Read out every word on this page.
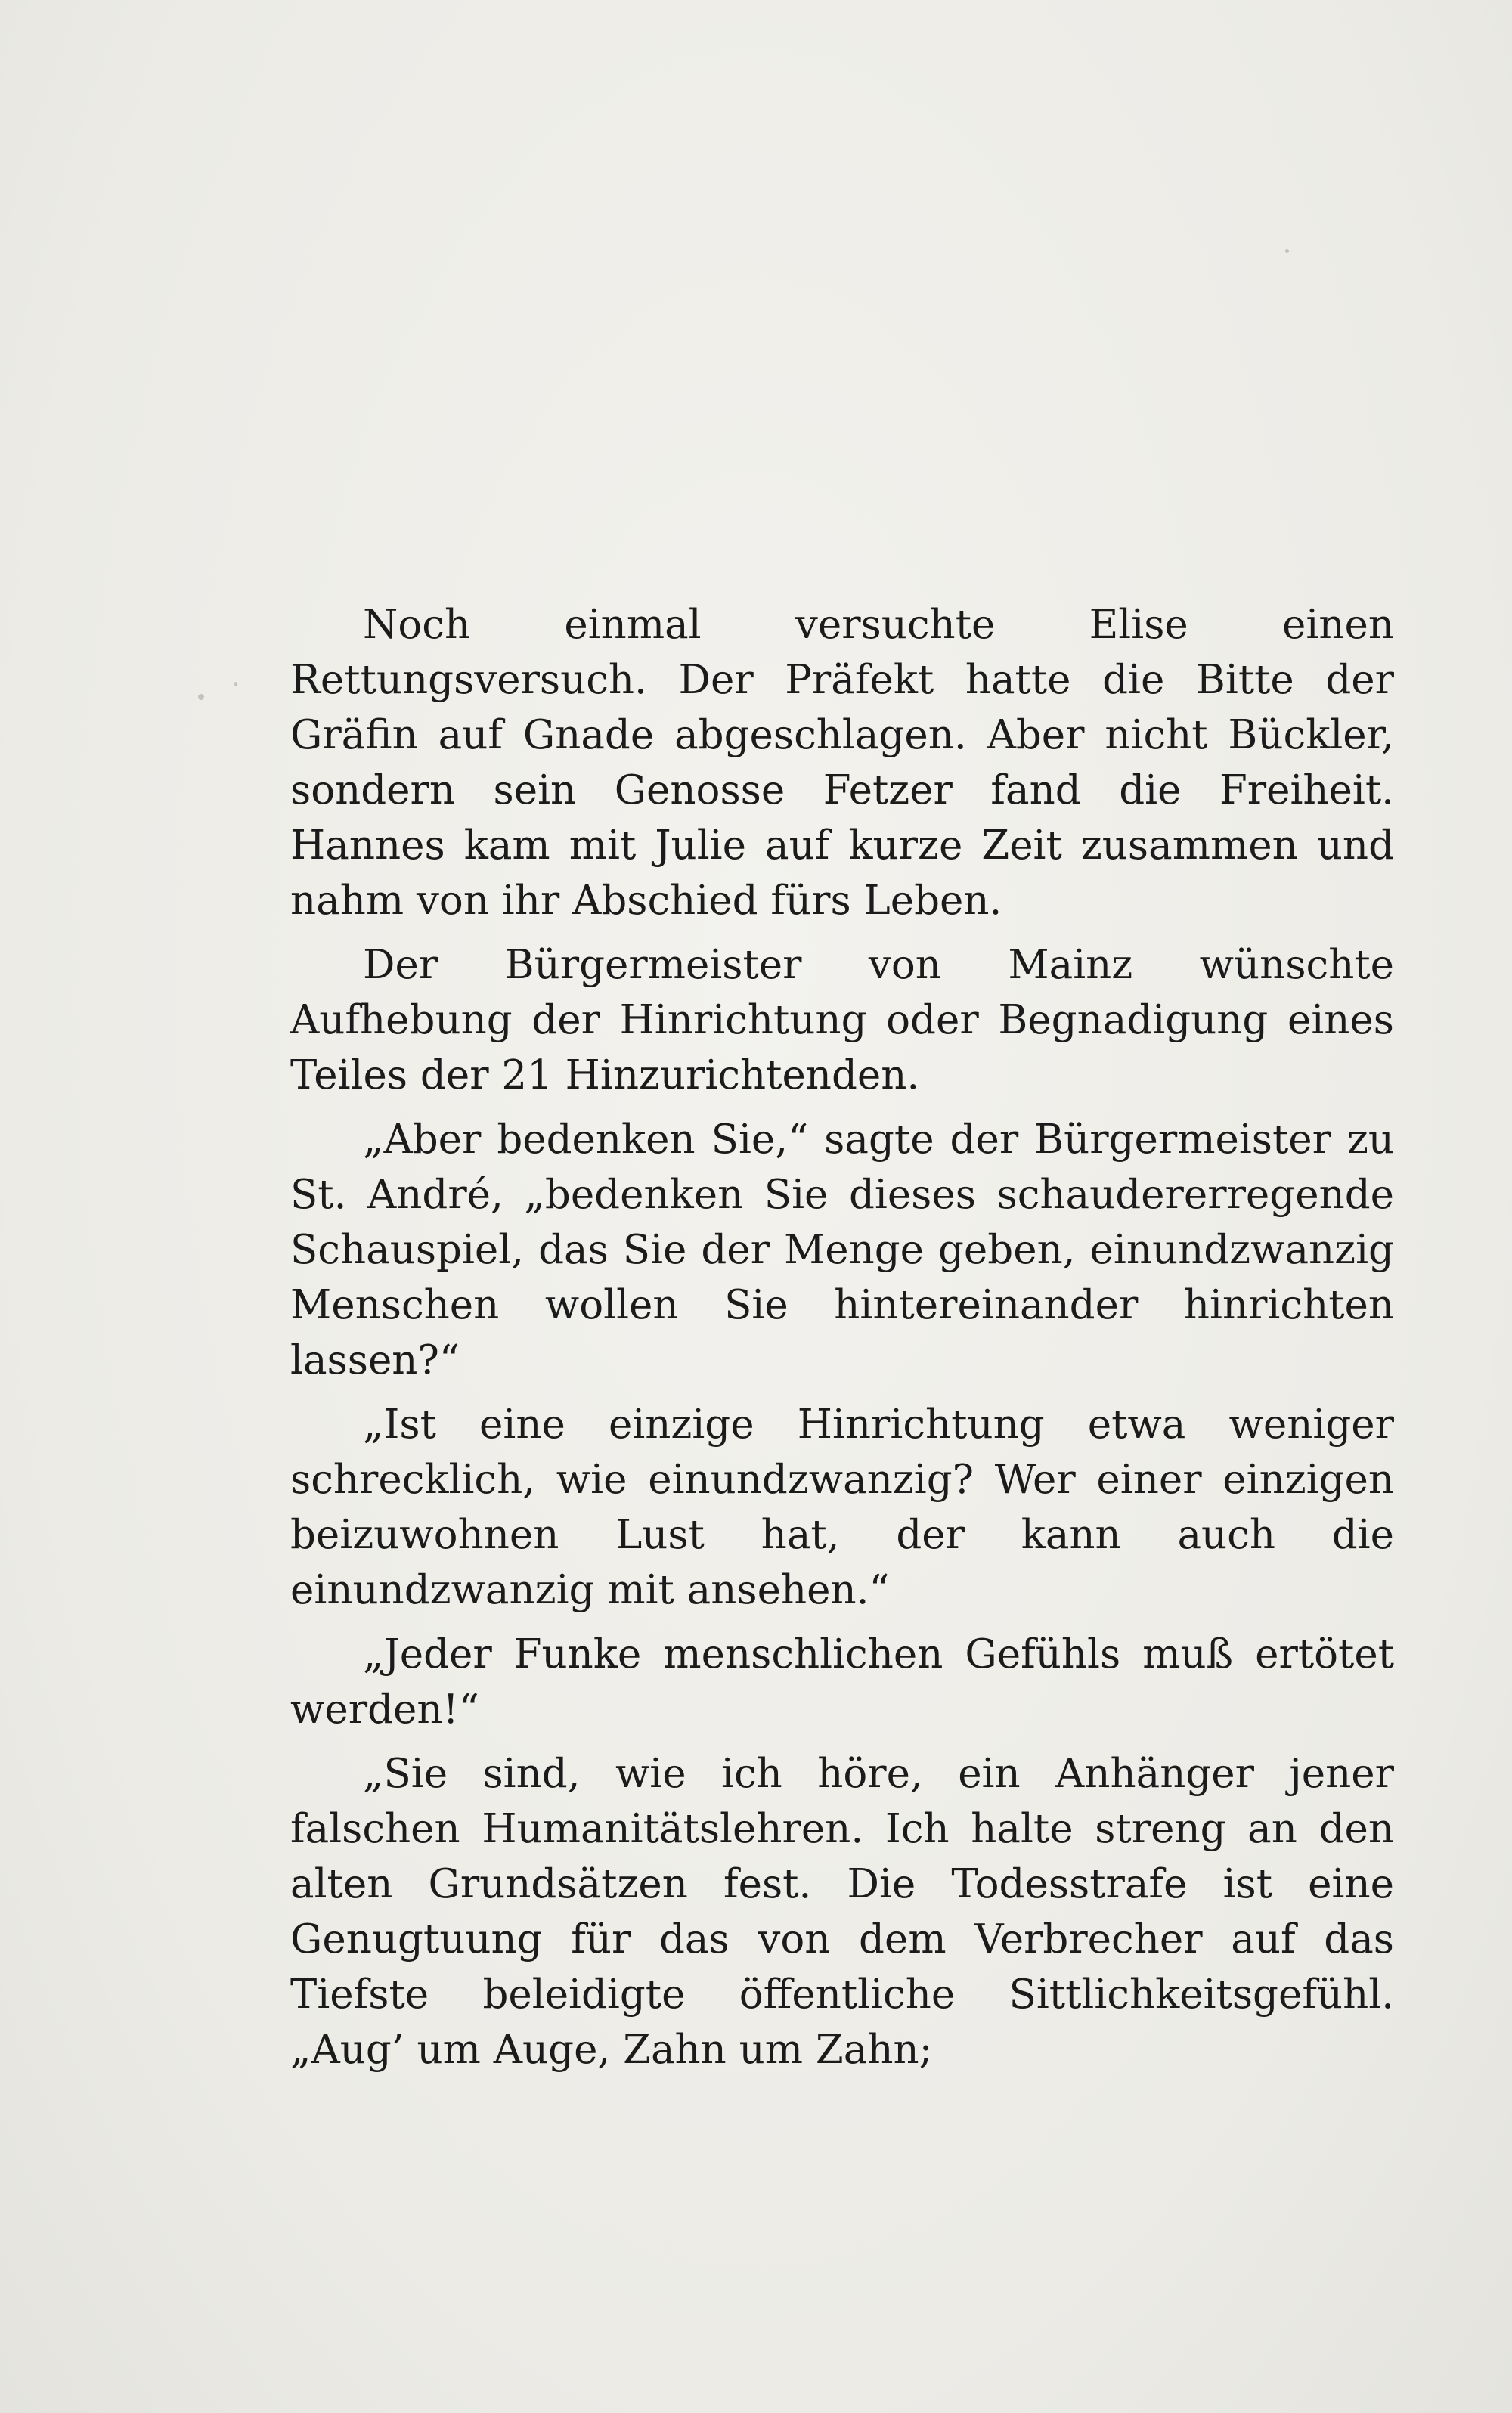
Noch einmal versuchte Elise einen Rettungsversuch. Der Präfekt hatte die Bitte der Gräfin auf Gnade abgeschlagen. Aber nicht Bückler, sondern sein Genosse Fetzer fand die Freiheit. Hannes kam mit Julie auf kurze Zeit zusammen und nahm von ihr Abschied fürs Leben.

Der Bürgermeister von Mainz wünschte Aufhebung der Hinrichtung oder Begnadigung eines Teiles der 21 Hinzurichtenden.

„Aber bedenken Sie,“ sagte der Bürgermeister zu St. André, „bedenken Sie dieses schaudererregende Schauspiel, das Sie der Menge geben, einundzwanzig Menschen wollen Sie hintereinander hinrichten lassen?“

„Ist eine einzige Hinrichtung etwa weniger schrecklich, wie einundzwanzig? Wer einer einzigen beizuwohnen Lust hat, der kann auch die einundzwanzig mit ansehen.“

„Jeder Funke menschlichen Gefühls muß ertötet werden!“

„Sie sind, wie ich höre, ein Anhänger jener falschen Humanitätslehren. Ich halte streng an den alten Grundsätzen fest. Die Todesstrafe ist eine Genugtuung für das von dem Verbrecher auf das Tiefste beleidigte öffentliche Sittlichkeitsgefühl. „Aug’ um Auge, Zahn um Zahn;
